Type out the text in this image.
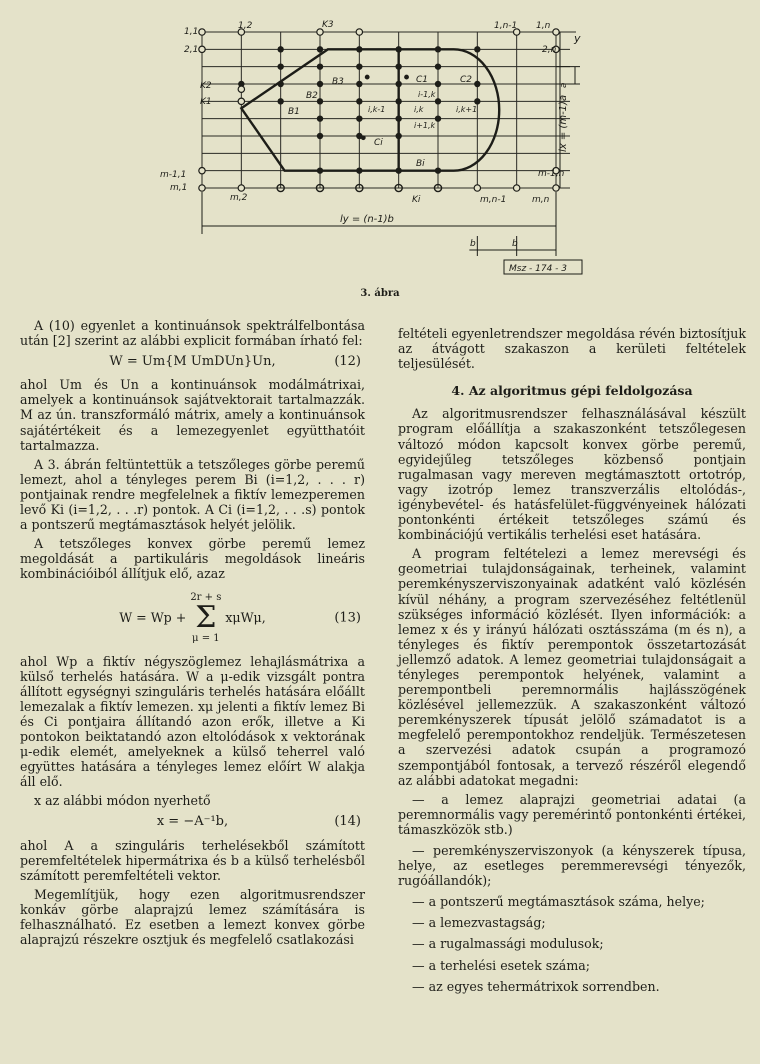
1,1
1,2	K3	1,n-1 1,n
2,1
K2
K1
m-1,1
m,1
m,2	Ki	m,n-1	m,n
2,n
m-1,n
B3
B2
B1
C1	C2
i-1,k
i,k-1	i,k	i,k+1
i+1,k
Ci
Bi
y
ly = (n-1)b
b	b
lx = (m-1)a
a
Msz - 174 - 3
3. ábra

A (10) egyenlet a kontinuánsok spektrálfelbontása után [2] szerint az alábbi explicit formában írható fel:

W = Um{M UmDUn}Un,	(12)

ahol Um és Un a kontinuánsok modálmátrixai, amelyek a kontinuánsok sajátvektorait tartalmazzák. M az ún. transzformáló mátrix, amely a kontinuánsok sajátértékeit és a lemezegyenlet együtthatóit tartalmazza.

A 3. ábrán feltüntettük a tetszőleges görbe peremű lemezt, ahol a tényleges perem Bi (i=1,2, . . . r) pontjainak rendre megfelelnek a fiktív lemezperemen levő Ki (i=1,2, . . .r) pontok. A Ci (i=1,2, . . .s) pontok a pontszerű megtámasztások helyét jelölik.

A tetszőleges konvex görbe peremű lemez megoldását a partikuláris megoldások lineáris kombinációiból állítjuk elő, azaz

W = Wp +
2r + s
Σ
μ = 1
xμWμ,	(13)

ahol Wp a fiktív négyszöglemez lehajlásmátrixa a külső terhelés hatására. W a μ-edik vizsgált pontra állított egységnyi szinguláris terhelés hatására előállt lemezalak a fiktív lemezen. xμ jelenti a fiktív lemez Bi és Ci pontjaira állítandó azon erők, illetve a Ki pontokon beiktatandó azon eltolódások x vektorának μ-edik elemét, amelyeknek a külső teherrel való együttes hatására a tényleges lemez előírt W alakja áll elő.

x az alábbi módon nyerhető

x = −A⁻¹b,	(14)

ahol A a szinguláris terhelésekből számított peremfeltételek hipermátrixa és b a külső terhelésből számított peremfeltételi vektor.

Megemlítjük, hogy ezen algoritmusrendszer konkáv görbe alaprajzú lemez számítására is felhasználható. Ez esetben a lemezt konvex görbe alaprajzú részekre osztjuk és megfelelő csatlakozási

feltételi egyenletrendszer megoldása révén biztosítjuk az átvágott szakaszon a kerületi feltételek teljesülését.

4. Az algoritmus gépi feldolgozása

Az algoritmusrendszer felhasználásával készült program előállítja a szakaszonként tetszőlegesen változó módon kapcsolt konvex görbe peremű, egyidejűleg tetszőleges közbenső pontjain rugalmasan vagy mereven megtámasztott ortotróp, vagy izotróp lemez transzverzális eltolódás-, igénybevétel- és hatásfelület-függvényeinek hálózati pontonkénti értékeit tetszőleges számú és kombinációjú vertikális terhelési eset hatására.

A program feltételezi a lemez merevségi és geometriai tulajdonságainak, terheinek, valamint peremkényszerviszonyainak adatként való közlésén kívül néhány, a program szervezéséhez feltétlenül szükséges információ közlését. Ilyen információk: a lemez x és y irányú hálózati osztásszáma (m és n), a tényleges és fiktív perempontok összetartozását jellemző adatok. A lemez geometriai tulajdonságait a tényleges perempontok helyének, valamint a perempontbeli peremnormális hajlásszögének közlésével jellemezzük. A szakaszonként változó peremkényszerek típusát jelölő számadatot is a megfelelő perempontokhoz rendeljük. Természetesen a szervezési adatok csupán a programozó szempontjából fontosak, a tervező részéről elegendő az alábbi adatokat megadni:

— a lemez alaprajzi geometriai adatai (a peremnormális vagy peremérintő pontonkénti értékei, támaszközök stb.)
— peremkényszerviszonyok (a kényszerek típusa, helye, az esetleges peremmerevségi tényezők, rugóállandók);
— a pontszerű megtámasztások száma, helye;
— a lemezvastagság;
— a rugalmassági modulusok;
— a terhelési esetek száma;
— az egyes tehermátrixok sorrendben.
